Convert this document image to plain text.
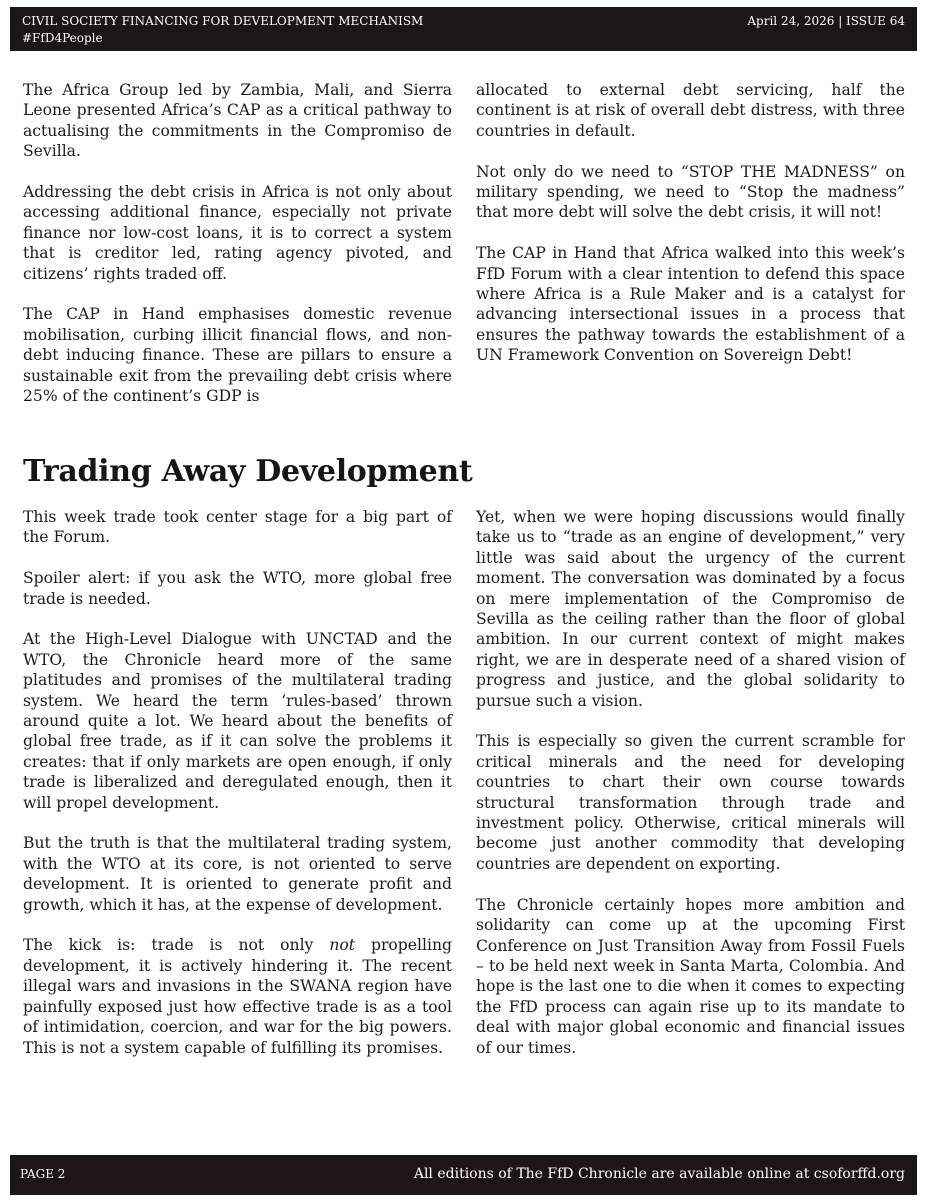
CIVIL SOCIETY FINANCING FOR DEVELOPMENT MECHANISM
#FfD4People
April 24, 2026 | ISSUE 64

The Africa Group led by Zambia, Mali, and Sierra Leone presented Africa’s CAP as a critical pathway to actualising the commitments in the Compromiso de Sevilla.

Addressing the debt crisis in Africa is not only about accessing additional finance, especially not private finance nor low-cost loans, it is to correct a system that is creditor led, rating agency pivoted, and citizens’ rights traded off.

The CAP in Hand emphasises domestic revenue mobilisation, curbing illicit financial flows, and non-debt inducing finance. These are pillars to ensure a sustainable exit from the prevailing debt crisis where 25% of the continent’s GDP is

allocated to external debt servicing, half the continent is at risk of overall debt distress, with three countries in default.

Not only do we need to “STOP THE MADNESS” on military spending, we need to “Stop the madness” that more debt will solve the debt crisis, it will not!

The CAP in Hand that Africa walked into this week’s FfD Forum with a clear intention to defend this space where Africa is a Rule Maker and is a catalyst for advancing intersectional issues in a process that ensures the pathway towards the establishment of a UN Framework Convention on Sovereign Debt!

Trading Away Development

This week trade took center stage for a big part of the Forum.

Spoiler alert: if you ask the WTO, more global free trade is needed.

At the High-Level Dialogue with UNCTAD and the WTO, the Chronicle heard more of the same platitudes and promises of the multilateral trading system. We heard the term ‘rules-based’ thrown around quite a lot. We heard about the benefits of global free trade, as if it can solve the problems it creates: that if only markets are open enough, if only trade is liberalized and deregulated enough, then it will propel development.

But the truth is that the multilateral trading system, with the WTO at its core, is not oriented to serve development. It is oriented to generate profit and growth, which it has, at the expense of development.

The kick is: trade is not only not propelling development, it is actively hindering it. The recent illegal wars and invasions in the SWANA region have painfully exposed just how effective trade is as a tool of intimidation, coercion, and war for the big powers. This is not a system capable of fulfilling its promises.

Yet, when we were hoping discussions would finally take us to “trade as an engine of development,” very little was said about the urgency of the current moment. The conversation was dominated by a focus on mere implementation of the Compromiso de Sevilla as the ceiling rather than the floor of global ambition. In our current context of might makes right, we are in desperate need of a shared vision of progress and justice, and the global solidarity to pursue such a vision.

This is especially so given the current scramble for critical minerals and the need for developing countries to chart their own course towards structural transformation through trade and investment policy. Otherwise, critical minerals will become just another commodity that developing countries are dependent on exporting.

The Chronicle certainly hopes more ambition and solidarity can come up at the upcoming First Conference on Just Transition Away from Fossil Fuels – to be held next week in Santa Marta, Colombia. And hope is the last one to die when it comes to expecting the FfD process can again rise up to its mandate to deal with major global economic and financial issues of our times.

PAGE 2	All editions of The FfD Chronicle are available online at csoforffd.org
